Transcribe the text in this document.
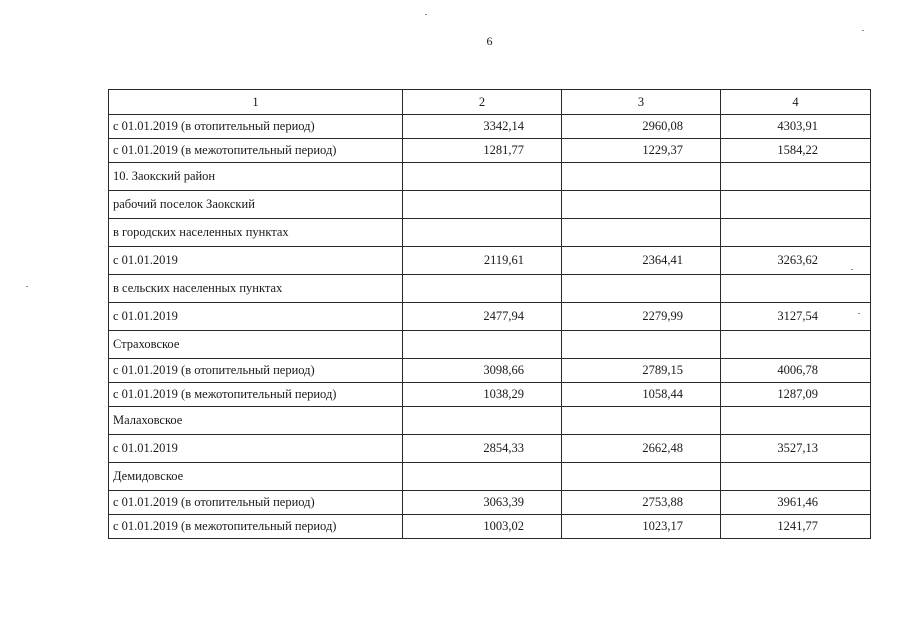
6
1	2	3	4
с 01.01.2019 (в отопительный период)	3342,14	2960,08	4303,91
с 01.01.2019 (в межотопительный период)	1281,77	1229,37	1584,22
10. Заокский район			
рабочий поселок Заокский			
в городских населенных пунктах			
с 01.01.2019	2119,61	2364,41	3263,62
в сельских населенных пунктах			
с 01.01.2019	2477,94	2279,99	3127,54
Страховское			
с 01.01.2019 (в отопительный период)	3098,66	2789,15	4006,78
с 01.01.2019 (в межотопительный период)	1038,29	1058,44	1287,09
Малаховское			
с 01.01.2019	2854,33	2662,48	3527,13
Демидовское			
с 01.01.2019 (в отопительный период)	3063,39	2753,88	3961,46
с 01.01.2019 (в межотопительный период)	1003,02	1023,17	1241,77
